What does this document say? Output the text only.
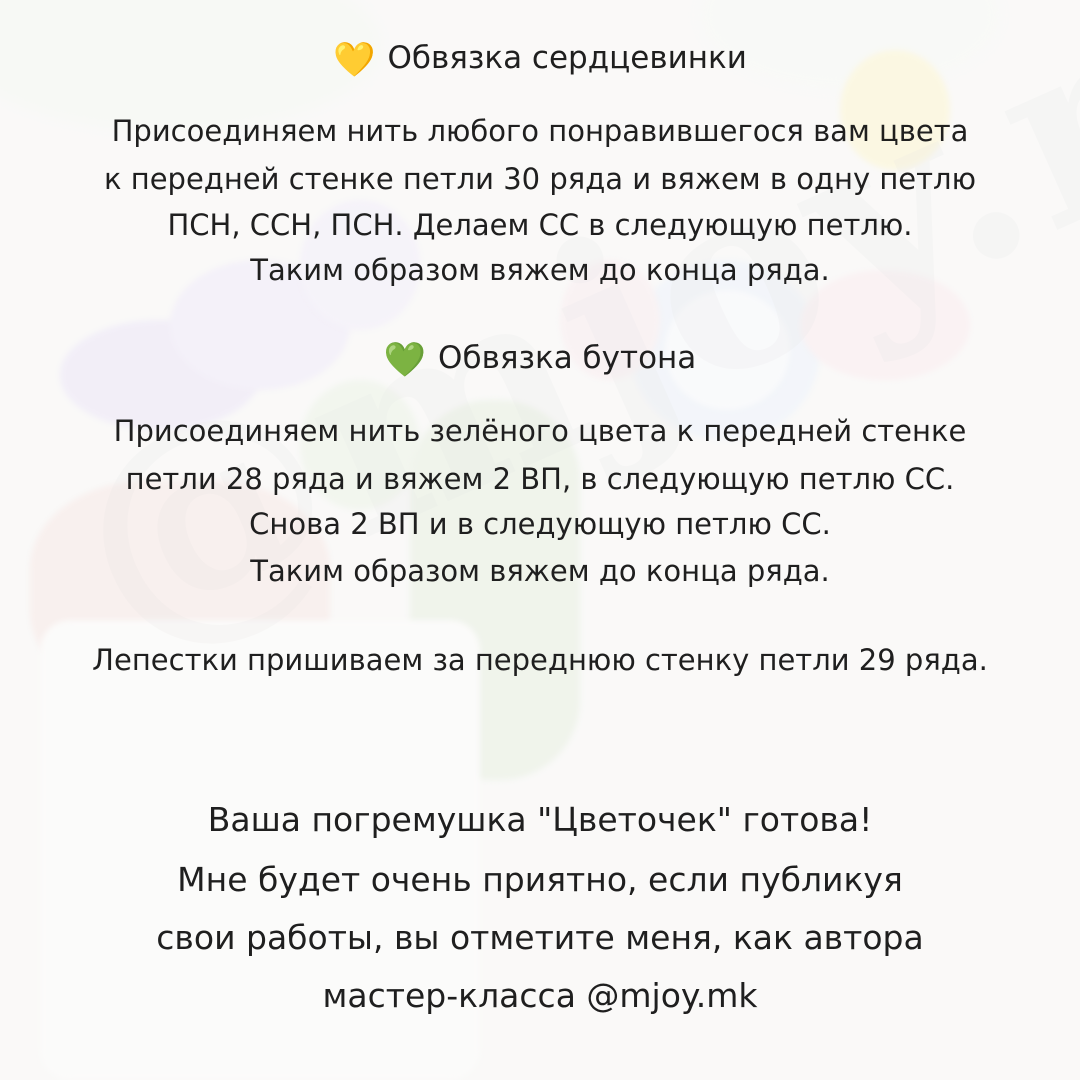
💛 Обвязка сердцевинки
Присоединяем нить любого понравившегося вам цвета
к передней стенке петли 30 ряда и вяжем в одну петлю
ПСН, ССН, ПСН. Делаем СС в следующую петлю.
Таким образом вяжем до конца ряда.
💚 Обвязка бутона
Присоединяем нить зелёного цвета к передней стенке
петли 28 ряда и вяжем 2 ВП, в следующую петлю СС.
Снова 2 ВП и в следующую петлю СС.
Таким образом вяжем до конца ряда.
Лепестки пришиваем за переднюю стенку петли 29 ряда.
Ваша погремушка "Цветочек" готова!
Мне будет очень приятно, если публикуя
свои работы, вы отметите меня, как автора
мастер-класса @mjoy.mk
